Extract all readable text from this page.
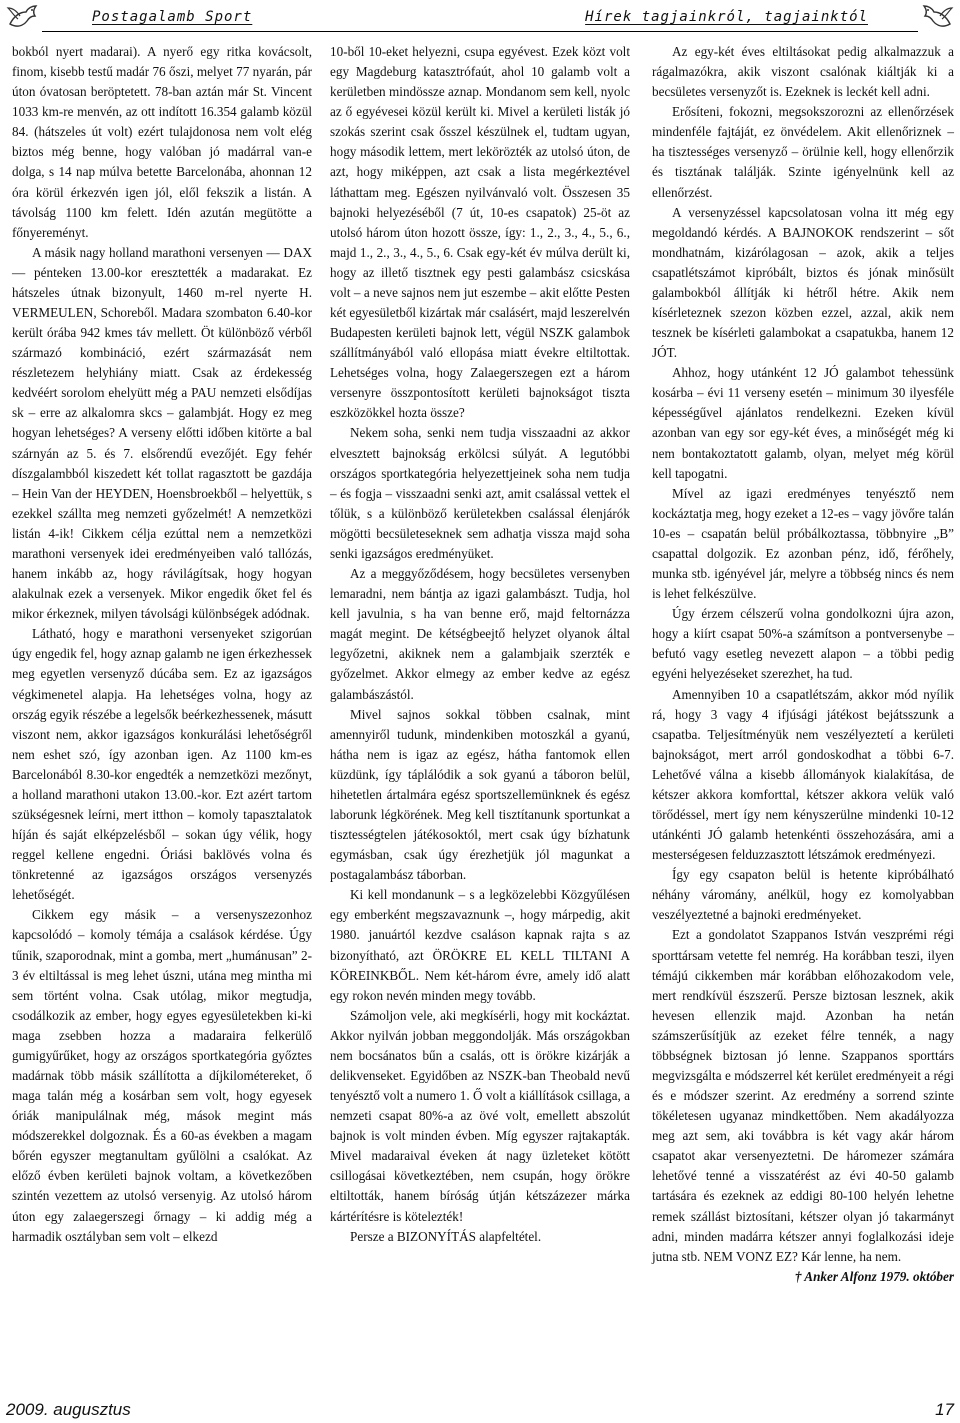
Postagalamb Sport	Hírek tagjainkról, tagjainktól

bokból nyert madarai). A nyerő egy ritka kovácsolt, finom, kisebb testű madár 76 őszi, melyet 77 nyarán, pár úton óvatosan beröptetett. 78-ban aztán már St. Vincent 1033 km-re menvén, az ott indított 16.354 galamb közül 84. (hátszeles út volt) ezért tulajdonosa nem volt elég biztos még benne, hogy valóban jó madárral van-e dolga, s 14 nap múlva betette Barcelonába, ahonnan 12 óra körül érkezvén igen jól, elől fekszik a listán. A távolság 1100 km felett. Idén azután megütötte a főnyereményt.

A másik nagy holland marathoni versenyen — DAX — pénteken 13.00-kor eresztették a madarakat. Ez hátszeles útnak bizonyult, 1460 m-rel nyerte H. VERMEULEN, Schoreből. Madara szombaton 6.40-kor került órába 942 kmes táv mellett. Öt különböző vérből származó kombináció, ezért származását nem részletezem helyhiány miatt. Csak az érdekesség kedvéért sorolom ehelyütt még a PAU nemzeti elsődíjas sk – erre az alkalomra skcs – galambját. Hogy ez meg hogyan lehetséges? A verseny előtti időben kitörte a bal szárnyán az 5. és 7. elsőrendű evezőjét. Egy fehér díszgalambból kiszedett két tollat ragasztott be gazdája – Hein Van der HEYDEN, Hoensbroekből – helyettük, s ezekkel szállta meg nemzeti győzelmét! A nemzetközi listán 4-ik! Cikkem célja ezúttal nem a nemzetközi marathoni versenyek idei eredményeiben való tallózás, hanem inkább az, hogy rávilágítsak, hogy hogyan alakulnak ezek a versenyek. Mikor engedik őket fel és mikor érkeznek, milyen távolsági különbségek adódnak.

Látható, hogy e marathoni versenyeket szigorúan úgy engedik fel, hogy aznap galamb ne igen érkezhessek meg egyetlen versenyző dúcába sem. Ez az igazságos végkimenetel alapja. Ha lehetséges volna, hogy az ország egyik részébe a legelsők beérkezhessenek, másutt viszont nem, akkor igazságos konkurálási lehetőségről nem eshet szó, így azonban igen. Az 1100 km-es Barcelonából 8.30-kor engedték a nemzetközi mezőnyt, a holland marathoni utakon 13.00.-kor. Ezt azért tartom szükségesnek leírni, mert itthon – komoly tapasztalatok híján és saját elképzelésből – sokan úgy vélik, hogy reggel kellene engedni. Óriási baklövés volna és tönkretenné az igazságos országos versenyzés lehetőségét.

Cikkem egy másik – a versenyszezonhoz kapcsolódó – komoly témája a csalások kérdése. Úgy tűnik, szaporodnak, mint a gomba, mert „humánusan” 2-3 év eltiltással is meg lehet úszni, utána meg mintha mi sem történt volna. Csak utólag, mikor megtudja, csodálkozik az ember, hogy egyes egyesületekben ki-ki maga zsebben hozza a madaraira felkerülő gumigyűrűket, hogy az országos sportkategória győztes madárnak több másik szállította a díjkilométereket, ő maga talán még a kosárban sem volt, hogy egyesek óriák manipulálnak még, mások megint más módszerekkel dolgoznak. És a 60-as években a magam bőrén egyszer megtanultam gyűlölni a csalókat. Az előző évben kerületi bajnok voltam, a következőben szintén vezettem az utolsó versenyig. Az utolsó három úton egy zalaegerszegi őrnagy – ki addig még a harmadik osztályban sem volt – elkezd

10-ből 10-eket helyezni, csupa egyévest. Ezek közt volt egy Magdeburg katasztrófaút, ahol 10 galamb volt a kerületben mindössze aznap. Mondanom sem kell, nyolc az ő egyévesei közül került ki. Mivel a kerületi listák jó szokás szerint csak ősszel készülnek el, tudtam ugyan, hogy második lettem, mert lekörözték az utolsó úton, de azt, hogy miképpen, azt csak a lista megérkeztével láthattam meg. Egészen nyilvánvaló volt. Összesen 35 bajnoki helyezéséből (7 út, 10-es csapatok) 25-öt az utolsó három úton hozott össze, így: 1., 2., 3., 4., 5., 6., majd 1., 2., 3., 4., 5., 6. Csak egy-két év múlva derült ki, hogy az illető tisztnek egy pesti galambász csicskása volt – a neve sajnos nem jut eszembe – akit előtte Pesten két egyesületből kizártak már csalásért, majd leszerelvén Budapesten kerületi bajnok lett, végül NSZK galambok szállítmányából való ellopása miatt évekre eltiltottak. Lehetséges volna, hogy Zalaegerszegen ezt a három versenyre összpontosított kerületi bajnokságot tiszta eszközökkel hozta össze?

Nekem soha, senki nem tudja visszaadni az akkor elvesztett bajnokság erkölcsi súlyát. A legutóbbi országos sportkategória helyezettjeinek soha nem tudja – és fogja – visszaadni senki azt, amit csalással vettek el tőlük, s a különböző kerületekben csalással élenjárók mögötti becsületeseknek sem adhatja vissza majd soha senki igazságos eredményüket.

Az a meggyőződésem, hogy becsületes versenyben lemaradni, nem bántja az igazi galambászt. Tudja, hol kell javulnia, s ha van benne erő, majd feltornázza magát megint. De kétségbeejtő helyzet olyanok által legyőzetni, akiknek nem a galambjaik szerzték e győzelmet. Akkor elmegy az ember kedve az egész galambászástól.

Mivel sajnos sokkal többen csalnak, mint amennyiről tudunk, mindenkiben motoszkál a gyanú, hátha nem is igaz az egész, hátha fantomok ellen küzdünk, így táplálódik a sok gyanú a táboron belül, hihetetlen ártalmára egész sportszellemünknek és egész laborunk légkörének. Meg kell tisztítanunk sportunkat a tisztességtelen játékosoktól, mert csak úgy bízhatunk egymásban, csak úgy érezhetjük jól magunkat a postagalambász táborban.

Ki kell mondanunk – s a legközelebbi Közgyűlésen egy emberként megszavaznunk –, hogy márpedig, akit 1980. januártól kezdve csaláson kapnak rajta s az bizonyítható, azt ÖRÖKRE EL KELL TILTANI A KÖREINKBŐL. Nem két-három évre, amely idő alatt egy rokon nevén minden megy tovább.

Számoljon vele, aki megkísérli, hogy mit kockáztat. Akkor nyilván jobban meggondolják. Más országokban nem bocsánatos bűn a csalás, ott is örökre kizárják a delikvenseket. Egyidőben az NSZK-ban Theobald nevű tenyésztő volt a numero 1. Ő volt a kiállítások csillaga, a nemzeti csapat 80%-a az övé volt, emellett abszolút bajnok is volt minden évben. Míg egyszer rajtakapták. Mivel madaraival éveken át nagy üzleteket kötött csillogásai következtében, nem csupán, hogy örökre eltiltották, hanem bíróság útján kétszázezer márka kártérítésre is kötelezték!

Persze a BIZONYÍTÁS alapfeltétel.

Az egy-két éves eltiltásokat pedig alkalmazzuk a rágalmazókra, akik viszont csalónak kiáltják ki a becsületes versenyzőt is. Ezeknek is leckét kell adni.

Erősíteni, fokozni, megsokszorozni az ellenőrzések mindenféle fajtáját, ez önvédelem. Akit ellenőriznek – ha tisztességes versenyző – örülnie kell, hogy ellenőrzik és tisztának találják. Szinte igényelnünk kell az ellenőrzést.

A versenyzéssel kapcsolatosan volna itt még egy megoldandó kérdés. A BAJNOKOK rendszerint – sőt mondhatnám, kizárólagosan – azok, akik a teljes csapatlétszámot kipróbált, biztos és jónak minősült galambokból állítják ki hétről hétre. Akik nem kísérleteznek szezon közben ezzel, azzal, akik nem tesznek be kísérleti galambokat a csapatukba, hanem 12 JÓT.

Ahhoz, hogy utánként 12 JÓ galambot tehessünk kosárba – évi 11 verseny esetén – minimum 30 ilyesféle képességűvel ajánlatos rendelkezni. Ezeken kívül azonban van egy sor egy-két éves, a minőségét még ki nem bontakoztatott galamb, olyan, melyet még körül kell tapogatni.

Mível az igazi eredményes tenyésztő nem kockáztatja meg, hogy ezeket a 12-es – vagy jövőre talán 10-es – csapatán belül próbálkoztassa, többnyire „B” csapattal dolgozik. Ez azonban pénz, idő, férőhely, munka stb. igényével jár, melyre a többség nincs és nem is lehet felkészülve.

Úgy érzem célszerű volna gondolkozni újra azon, hogy a kiírt csapat 50%-a számítson a pontversenybe – befutó vagy esetleg nevezett alapon – a többi pedig egyéni helyezéseket szerezhet, ha tud.

Amennyiben 10 a csapatlétszám, akkor mód nyílik rá, hogy 3 vagy 4 ifjúsági játékost bejátsszunk a csapatba. Teljesítményük nem veszélyeztetí a kerületi bajnokságot, mert arról gondoskodhat a többi 6-7. Lehetővé válna a kisebb állományok kialakítása, de kétszer akkora komforttal, kétszer akkora velük való törődéssel, mert így nem kényszerülne mindenki 10-12 utánkénti JÓ galamb hetenkénti összehozására, ami a mesterségesen felduzzasztott létszámok eredményezi.

Így egy csapaton belül is hetente kipróbálható néhány váromány, anélkül, hogy ez komolyabban veszélyeztetné a bajnoki eredményeket.

Ezt a gondolatot Szappanos István veszprémi régi sporttársam vetette fel nemrég. Ha korábban teszi, ilyen témájú cikkemben már korábban előhozakodom vele, mert rendkívül észszerű. Persze biztosan lesznek, akik hevesen ellenzik majd. Azonban ha netán számszerűsítjük az ezeket félre tennék, a nagy többségnek biztosan jó lenne. Szappanos sporttárs megvizsgálta e módszerrel két kerület eredményeit a régi és e módszer szerint. Az eredmény a sorrend szinte tökéletesen ugyanaz mindkettőben. Nem akadályozza meg azt sem, aki továbbra is két vagy akár három csapatot akar versenyeztetni. De háromezer számára lehetővé tenné a visszatérést az évi 40-50 galamb tartására és ezeknek az eddigi 80-100 helyén lehetne remek szállást biztosítani, kétszer olyan jó takarmányt adni, minden madárra kétszer annyi foglalkozási ideje jutna stb. NEM VONZ EZ? Kár lenne, ha nem.

† Anker Alfonz 1979. október

2009. augusztus	17
